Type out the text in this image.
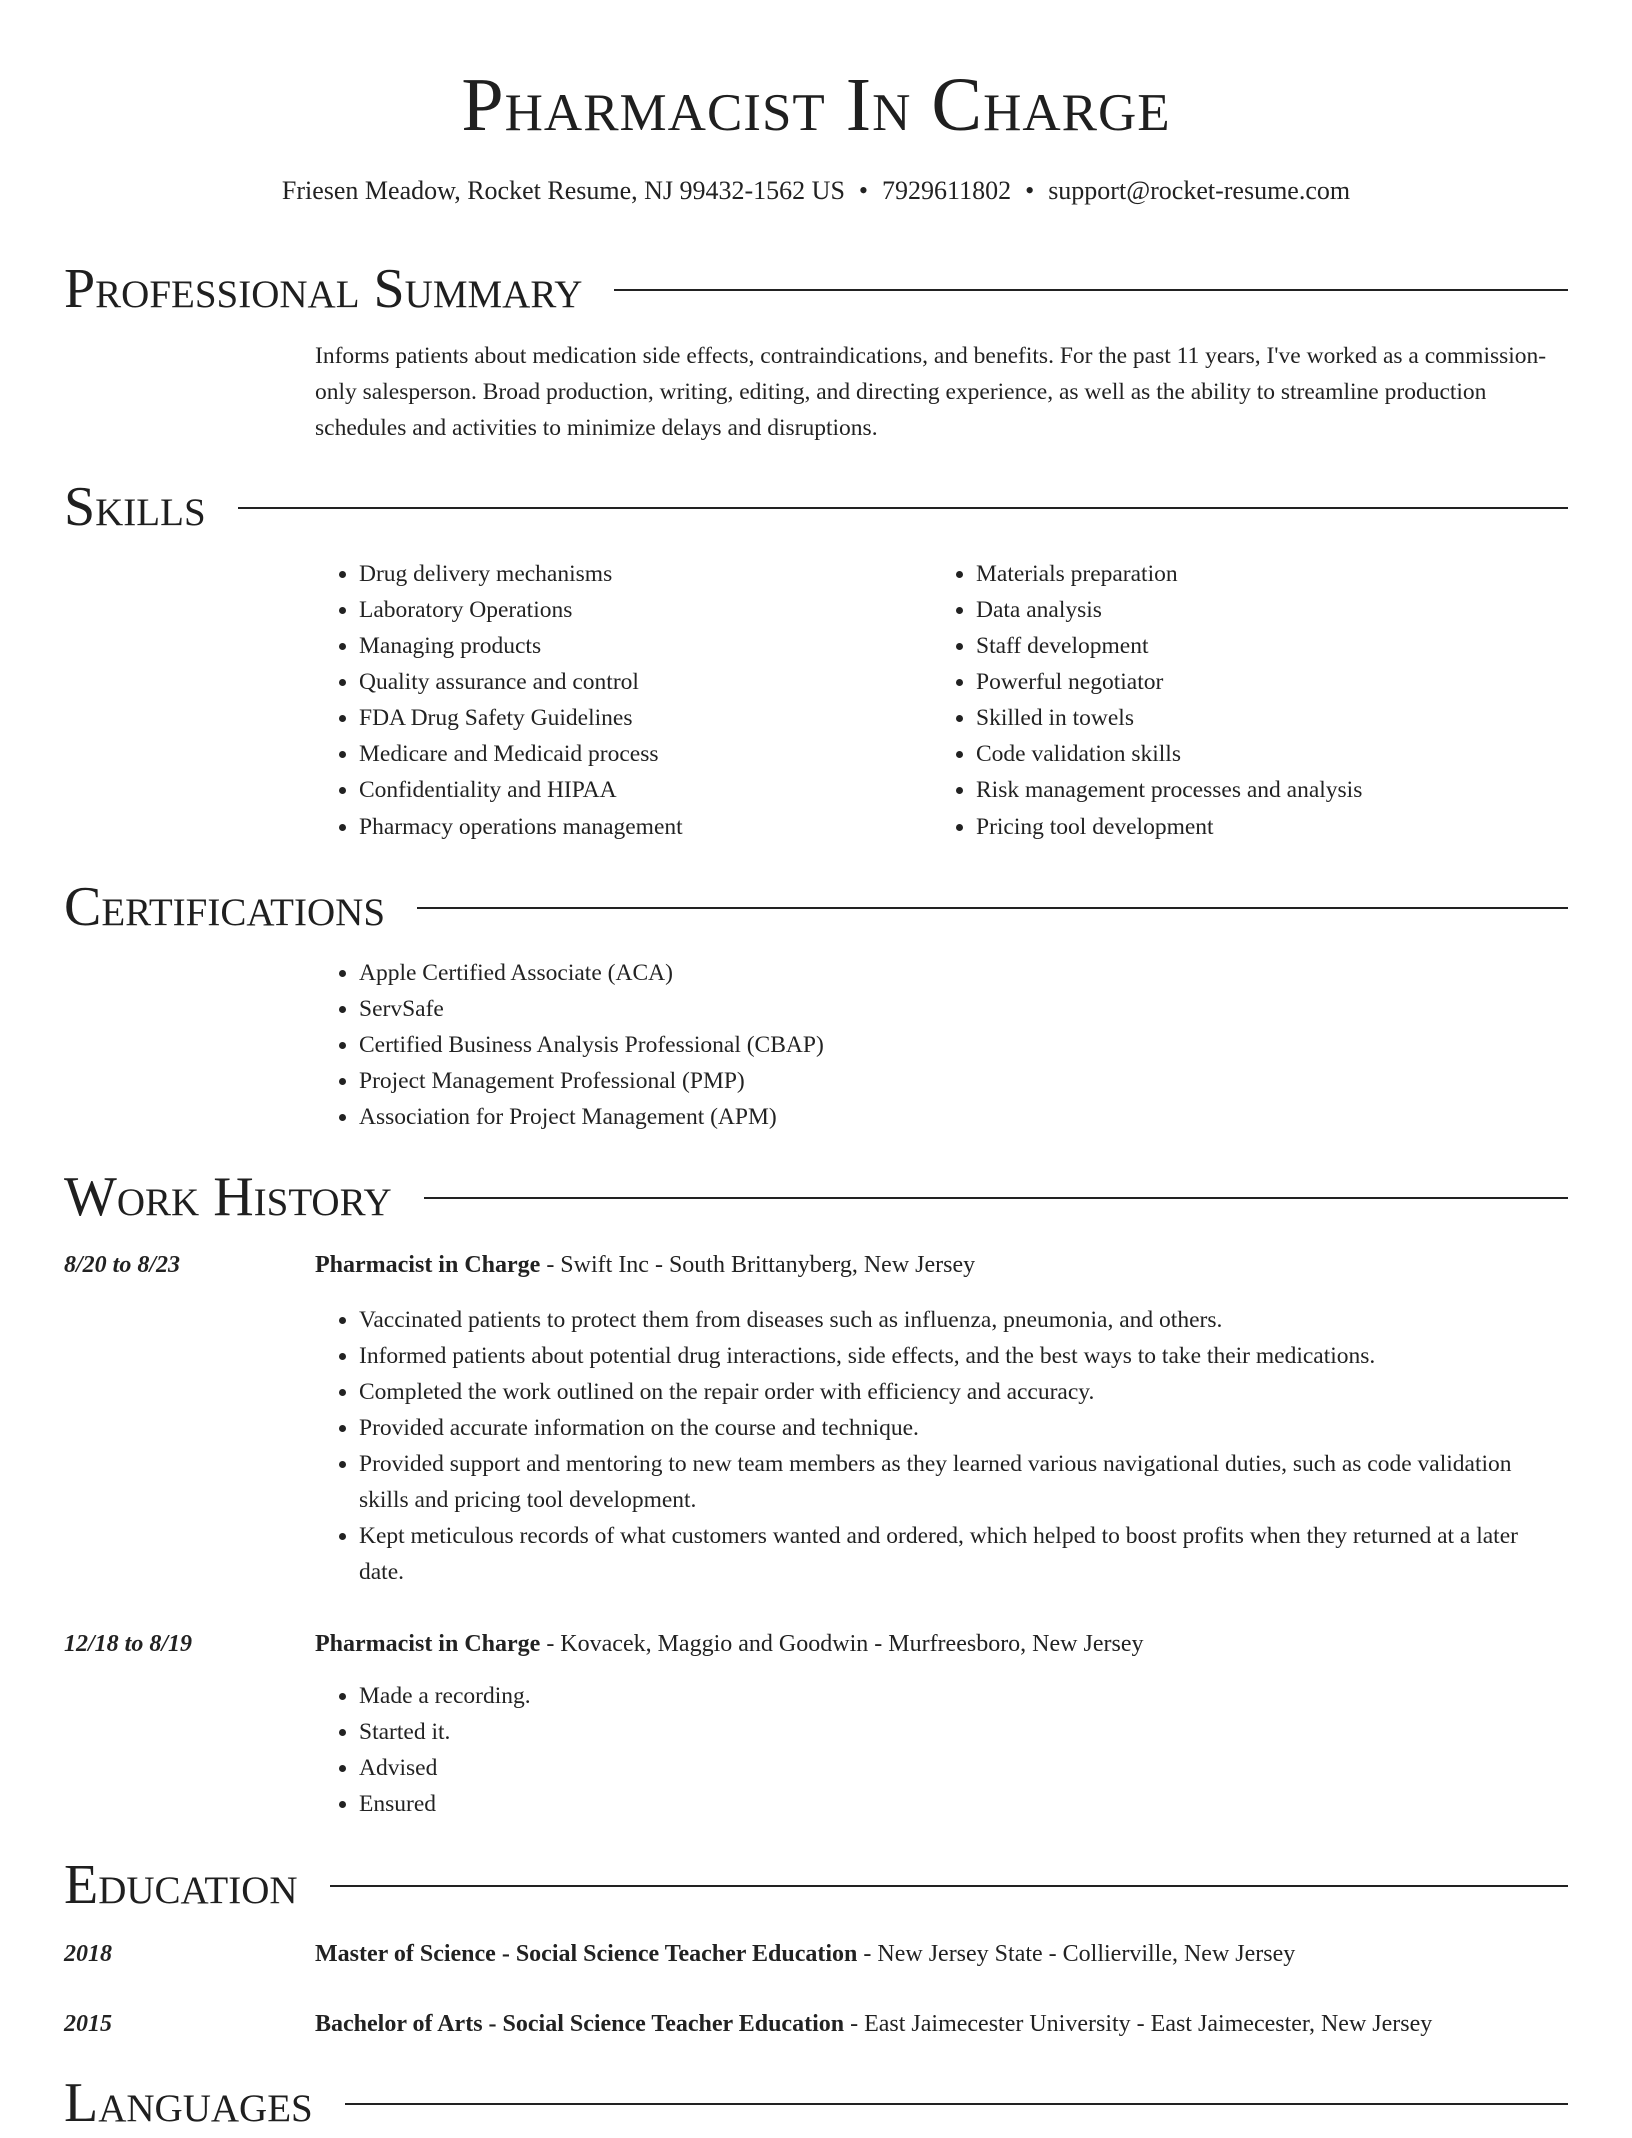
Pharmacist In Charge
Friesen Meadow, Rocket Resume, NJ 99432-1562 US • 7929611802 • support@rocket-resume.com
Professional Summary

Informs patients about medication side effects, contraindications, and benefits. For the past 11 years, I've worked as a commission-only salesperson. Broad production, writing, editing, and directing experience, as well as the ability to streamline production schedules and activities to minimize delays and disruptions.

Skills
• Drug delivery mechanisms
• Laboratory Operations
• Managing products
• Quality assurance and control
• FDA Drug Safety Guidelines
• Medicare and Medicaid process
• Confidentiality and HIPAA
• Pharmacy operations management
• Materials preparation
• Data analysis
• Staff development
• Powerful negotiator
• Skilled in towels
• Code validation skills
• Risk management processes and analysis
• Pricing tool development
Certifications
• Apple Certified Associate (ACA)
• ServSafe
• Certified Business Analysis Professional (CBAP)
• Project Management Professional (PMP)
• Association for Project Management (APM)
Work History
8/20 to 8/23	Pharmacist in Charge - Swift Inc - South Brittanyberg, New Jersey
• Vaccinated patients to protect them from diseases such as influenza, pneumonia, and others.
• Informed patients about potential drug interactions, side effects, and the best ways to take their medications.
• Completed the work outlined on the repair order with efficiency and accuracy.
• Provided accurate information on the course and technique.
• Provided support and mentoring to new team members as they learned various navigational duties, such as code validation skills and pricing tool development.
• Kept meticulous records of what customers wanted and ordered, which helped to boost profits when they returned at a later date.
12/18 to 8/19	Pharmacist in Charge - Kovacek, Maggio and Goodwin - Murfreesboro, New Jersey
• Made a recording.
• Started it.
• Advised
• Ensured
Education
2018	Master of Science - Social Science Teacher Education - New Jersey State - Collierville, New Jersey
2015	Bachelor of Arts - Social Science Teacher Education - East Jaimecester University - East Jaimecester, New Jersey
Languages
